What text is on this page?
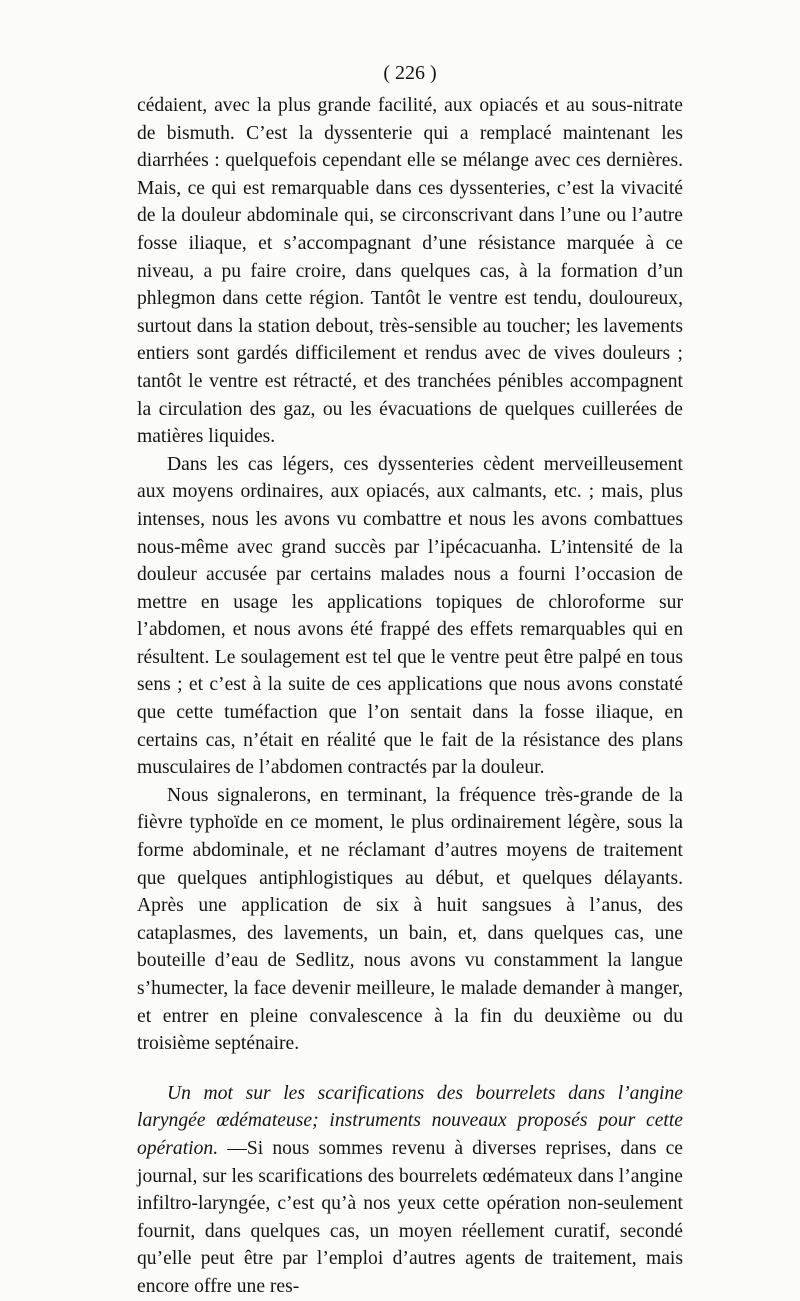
( 226 )

cédaient, avec la plus grande facilité, aux opiacés et au sous-nitrate de bismuth. C’est la dyssenterie qui a remplacé maintenant les diarrhées : quelquefois cependant elle se mélange avec ces dernières. Mais, ce qui est remarquable dans ces dyssenteries, c’est la vivacité de la douleur abdominale qui, se circonscrivant dans l’une ou l’autre fosse iliaque, et s’accompagnant d’une résistance marquée à ce niveau, a pu faire croire, dans quelques cas, à la formation d’un phlegmon dans cette région. Tantôt le ventre est tendu, douloureux, surtout dans la station debout, très-sensible au toucher; les lavements entiers sont gardés difficilement et rendus avec de vives douleurs ; tantôt le ventre est rétracté, et des tranchées pénibles accompagnent la circulation des gaz, ou les évacuations de quelques cuillerées de matières liquides.

Dans les cas légers, ces dyssenteries cèdent merveilleusement aux moyens ordinaires, aux opiacés, aux calmants, etc. ; mais, plus intenses, nous les avons vu combattre et nous les avons combattues nous-même avec grand succès par l’ipécacuanha. L’intensité de la douleur accusée par certains malades nous a fourni l’occasion de mettre en usage les applications topiques de chloroforme sur l’abdomen, et nous avons été frappé des effets remarquables qui en résultent. Le soulagement est tel que le ventre peut être palpé en tous sens ; et c’est à la suite de ces applications que nous avons constaté que cette tuméfaction que l’on sentait dans la fosse iliaque, en certains cas, n’était en réalité que le fait de la résistance des plans musculaires de l’abdomen contractés par la douleur.

Nous signalerons, en terminant, la fréquence très-grande de la fièvre typhoïde en ce moment, le plus ordinairement légère, sous la forme abdominale, et ne réclamant d’autres moyens de traitement que quelques antiphlogistiques au début, et quelques délayants. Après une application de six à huit sangsues à l’anus, des cataplasmes, des lavements, un bain, et, dans quelques cas, une bouteille d’eau de Sedlitz, nous avons vu constamment la langue s’humecter, la face devenir meilleure, le malade demander à manger, et entrer en pleine convalescence à la fin du deuxième ou du troisième septénaire.

Un mot sur les scarifications des bourrelets dans l’angine laryngée œdémateuse; instruments nouveaux proposés pour cette opération. —Si nous sommes revenu à diverses reprises, dans ce journal, sur les scarifications des bourrelets œdémateux dans l’angine infiltro-laryngée, c’est qu’à nos yeux cette opération non-seulement fournit, dans quelques cas, un moyen réellement curatif, secondé qu’elle peut être par l’emploi d’autres agents de traitement, mais encore offre une res-
